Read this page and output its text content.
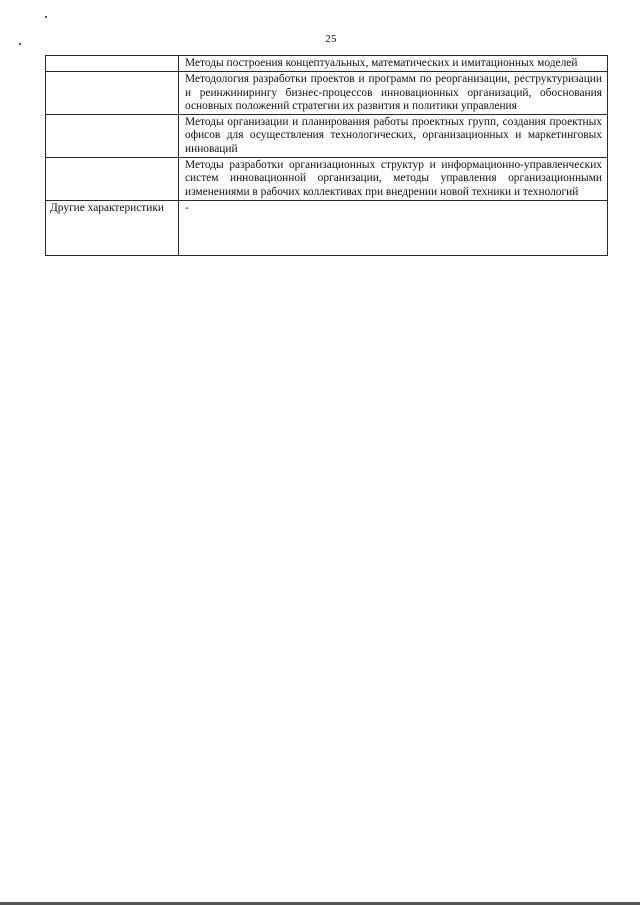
25
	Методы построения концептуальных, математических и имитационных моделей
	Методология разработки проектов и программ по реорганизации, реструктуризации и реинжинирингу бизнес-процессов инновационных организаций, обоснования основных положений стратегии их развития и политики управления
	Методы организации и планирования работы проектных групп, создания проектных офисов для осуществления технологических, организационных и маркетинговых инноваций
	Методы разработки организационных структур и информационно-управленческих систем инновационной организации, методы управления организационными изменениями в рабочих коллективах при внедрении новой техники и технологий
Другие характеристики	-
